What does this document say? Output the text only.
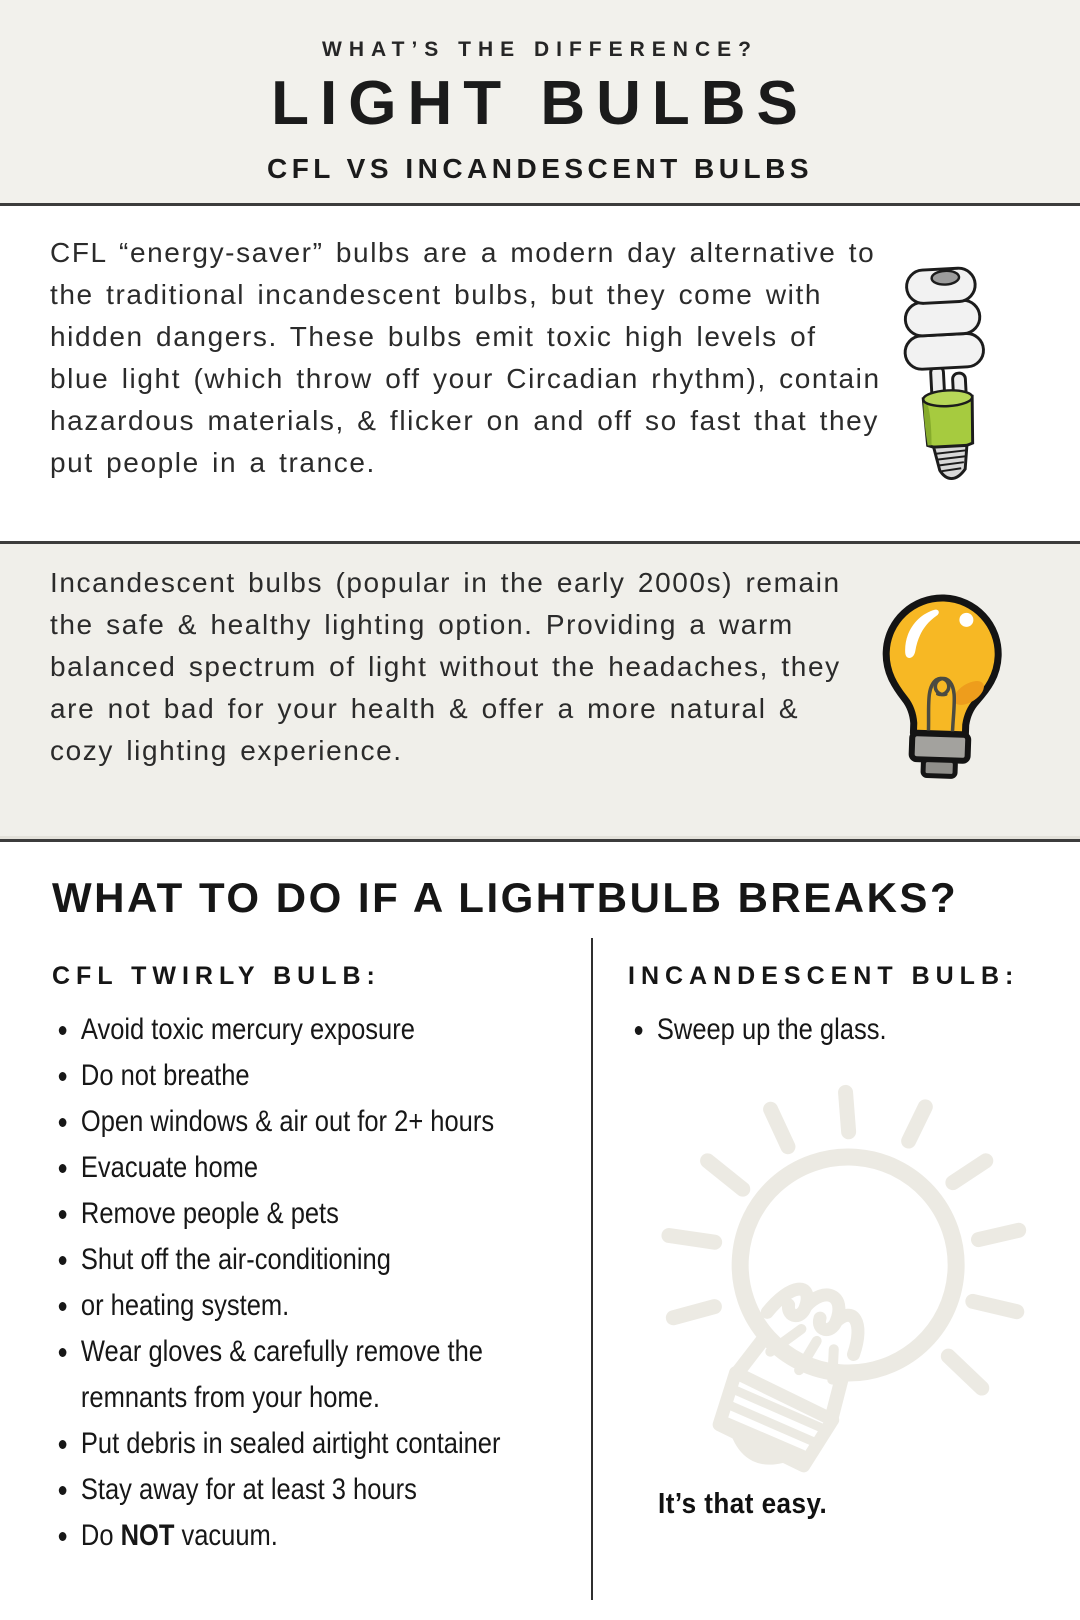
WHAT’S THE DIFFERENCE?
LIGHT BULBS
CFL VS INCANDESCENT BULBS

CFL “energy-saver” bulbs are a modern day alternative to the traditional incandescent bulbs, but they come with hidden dangers. These bulbs emit toxic high levels of blue light (which throw off your Circadian rhythm), contain hazardous materials, & flicker on and off so fast that they put people in a trance.

Incandescent bulbs (popular in the early 2000s) remain the safe & healthy lighting option. Providing a warm balanced spectrum of light without the headaches, they are not bad for your health & offer a more natural & cozy lighting experience.

WHAT TO DO IF A LIGHTBULB BREAKS?
CFL TWIRLY BULB:
Avoid toxic mercury exposure
Do not breathe
Open windows & air out for 2+ hours
Evacuate home
Remove people & pets
Shut off the air-conditioning
or heating system.
Wear gloves & carefully remove the remnants from your home.
Put debris in sealed airtight container
Stay away for at least 3 hours
Do NOT vacuum.
INCANDESCENT BULB:
Sweep up the glass.
It’s that easy.
